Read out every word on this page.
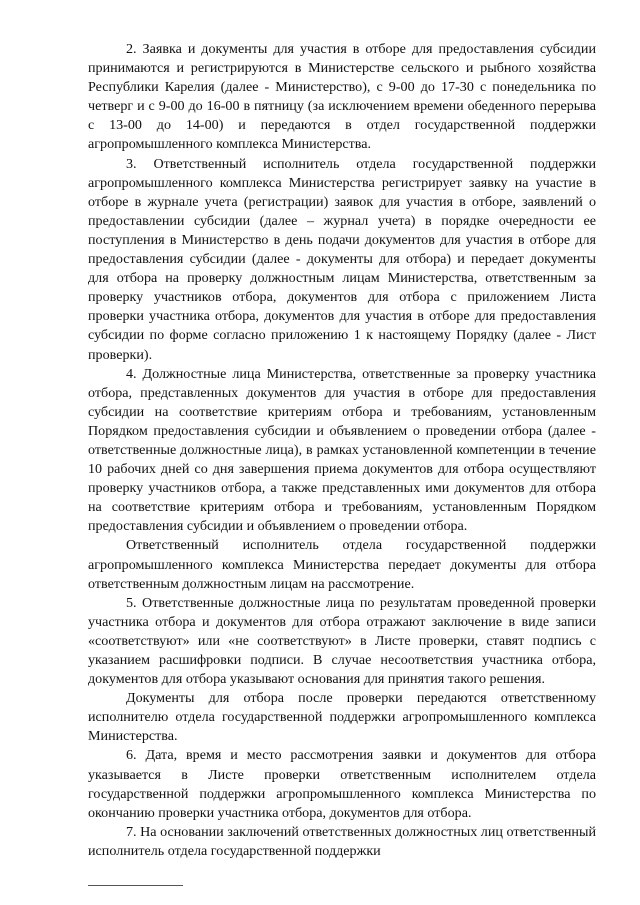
2. Заявка и документы для участия в отборе для предоставления субсидии принимаются и регистрируются в Министерстве сельского и рыбного хозяйства Республики Карелия (далее - Министерство), с 9-00 до 17-30 с понедельника по четверг и с 9-00 до 16-00 в пятницу (за исключением времени обеденного перерыва с 13-00 до 14-00) и передаются в отдел государственной поддержки агропромышленного комплекса Министерства.

3. Ответственный исполнитель отдела государственной поддержки агропромышленного комплекса Министерства регистрирует заявку на участие в отборе в журнале учета (регистрации) заявок для участия в отборе, заявлений о предоставлении субсидии (далее – журнал учета) в порядке очередности ее поступления в Министерство в день подачи документов для участия в отборе для предоставления субсидии (далее - документы для отбора) и передает документы для отбора на проверку должностным лицам Министерства, ответственным за проверку участников отбора, документов для отбора с приложением Листа проверки участника отбора, документов для участия в отборе для предоставления субсидии по форме согласно приложению 1 к настоящему Порядку (далее - Лист проверки).

4. Должностные лица Министерства, ответственные за проверку участника отбора, представленных документов для участия в отборе для предоставления субсидии на соответствие критериям отбора и требованиям, установленным Порядком предоставления субсидии и объявлением о проведении отбора (далее - ответственные должностные лица), в рамках установленной компетенции в течение 10 рабочих дней со дня завершения приема документов для отбора осуществляют проверку участников отбора, а также представленных ими документов для отбора на соответствие критериям отбора и требованиям, установленным Порядком предоставления субсидии и объявлением о проведении отбора.

Ответственный исполнитель отдела государственной поддержки агропромышленного комплекса Министерства передает документы для отбора ответственным должностным лицам на рассмотрение.

5. Ответственные должностные лица по результатам проведенной проверки участника отбора и документов для отбора отражают заключение в виде записи «соответствуют» или «не соответствуют» в Листе проверки, ставят подпись с указанием расшифровки подписи. В случае несоответствия участника отбора, документов для отбора указывают основания для принятия такого решения.

Документы для отбора после проверки передаются ответственному исполнителю отдела государственной поддержки агропромышленного комплекса Министерства.

6. Дата, время и место рассмотрения заявки и документов для отбора указывается в Листе проверки ответственным исполнителем отдела государственной поддержки агропромышленного комплекса Министерства по окончанию проверки участника отбора, документов для отбора.

7. На основании заключений ответственных должностных лиц ответственный исполнитель отдела государственной поддержки
